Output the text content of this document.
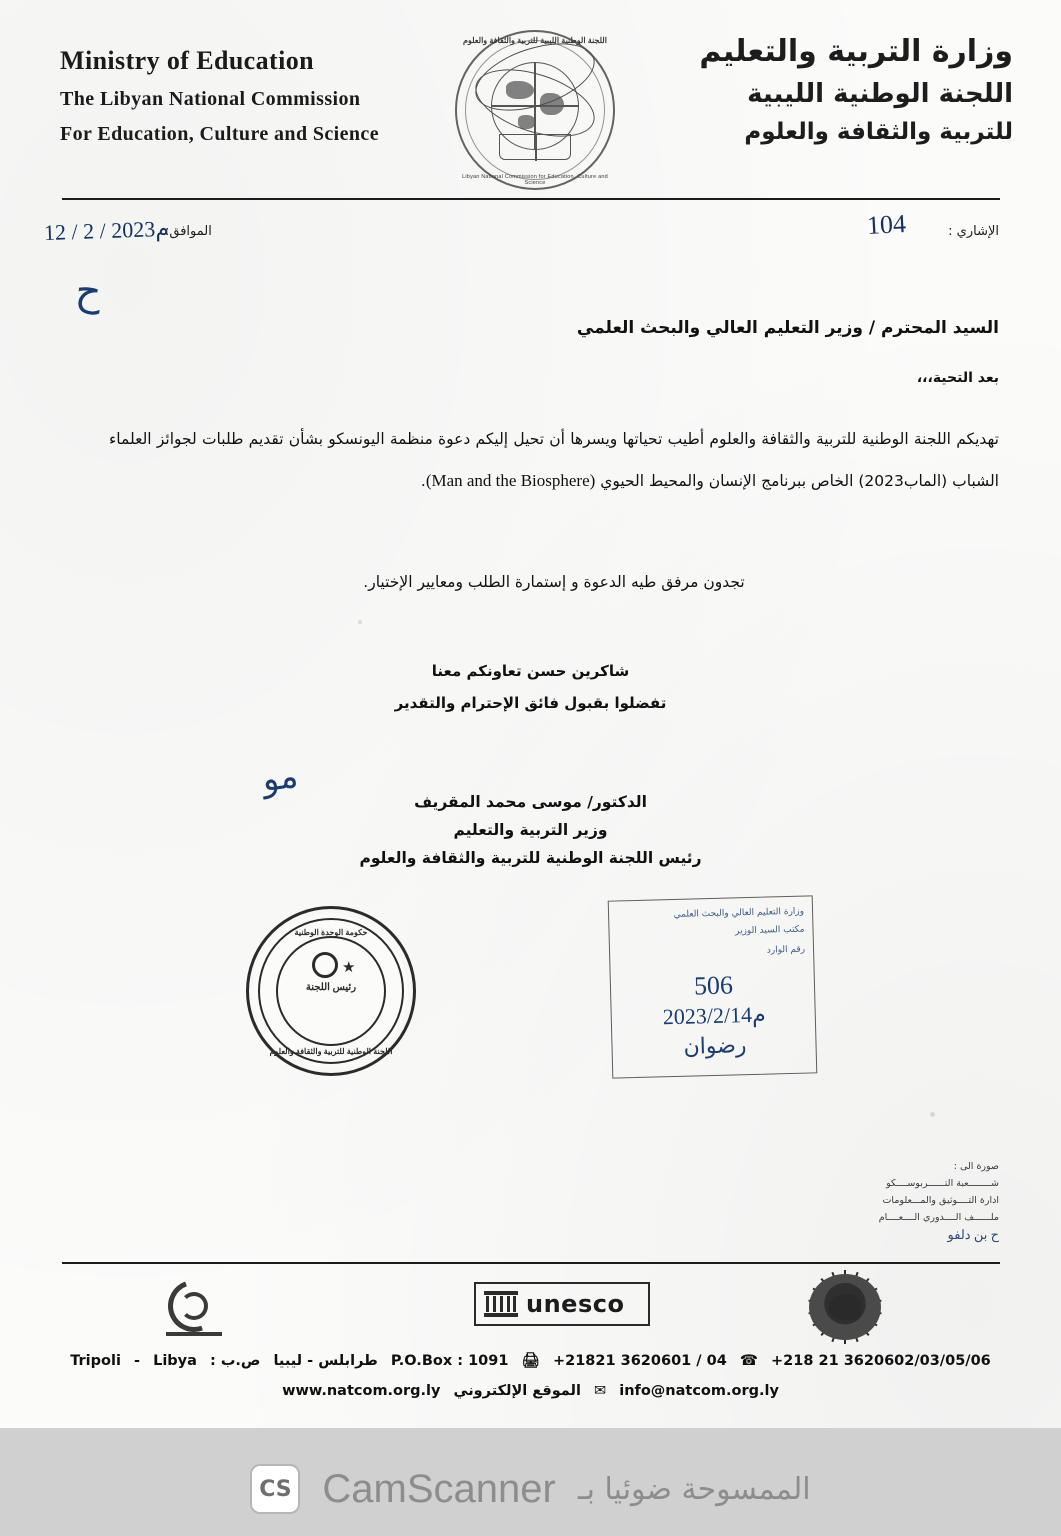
Ministry of Education
The Libyan National Commission
For Education, Culture and Science
اللجنة الوطنية الليبية للتربية والثقافة والعلوم
Libyan National Commission for Education, Culture and Science
وزارة التربية والتعليم
اللجنة الوطنية الليبية
للتربية والثقافة والعلوم
الإشاري :
104
الموافق:
12 / 2 / 2023م
ح
السيد المحترم / وزير التعليم العالي والبحث العلمي
بعد التحية،،،
تهديكم اللجنة الوطنية للتربية والثقافة والعلوم أطيب تحياتها ويسرها أن تحيل إليكم دعوة منظمة اليونسكو بشأن تقديم طلبات لجوائز العلماء الشباب (الماب2023) الخاص ببرنامج الإنسان والمحيط الحيوي (Man and the Biosphere).
تجدون مرفق طيه الدعوة و إستمارة الطلب ومعايير الإختيار.
شاكرين حسن تعاونكم معنا
تفضلوا بقبول فائق الإحترام والتقدير
ﻣﻮ
الدكتور/ موسى محمد المقريف
وزير التربية والتعليم
رئيس اللجنة الوطنية للتربية والثقافة والعلوم
حكومة الوحدة الوطنية
★
رئيس اللجنة
اللجنة الوطنية للتربية والثقافة والعلوم
وزارة التعليم العالي والبحث العلمي
مكتب السيد الوزير
رقم الوارد
506
2023/2/14م
رضوان
صورة الى :
شــــــــعبة التــــــربوســــكو
ادارة التــــوثيق والمـــعلومات
ملــــــف الــــدوري الــــعــــام
ح بن دلفو
unesco
Tripoli - Libya	طرابلس - ليبيا ص.ب :	P.O.Box : 1091 🖨 +21821 3620601 / 04 ☎ +218 21 3620602/03/05/06
www.natcom.org.ly الموقع الإلكتروني ✉ info@natcom.org.ly
CS CamScanner الممسوحة ضوئيا بـ
